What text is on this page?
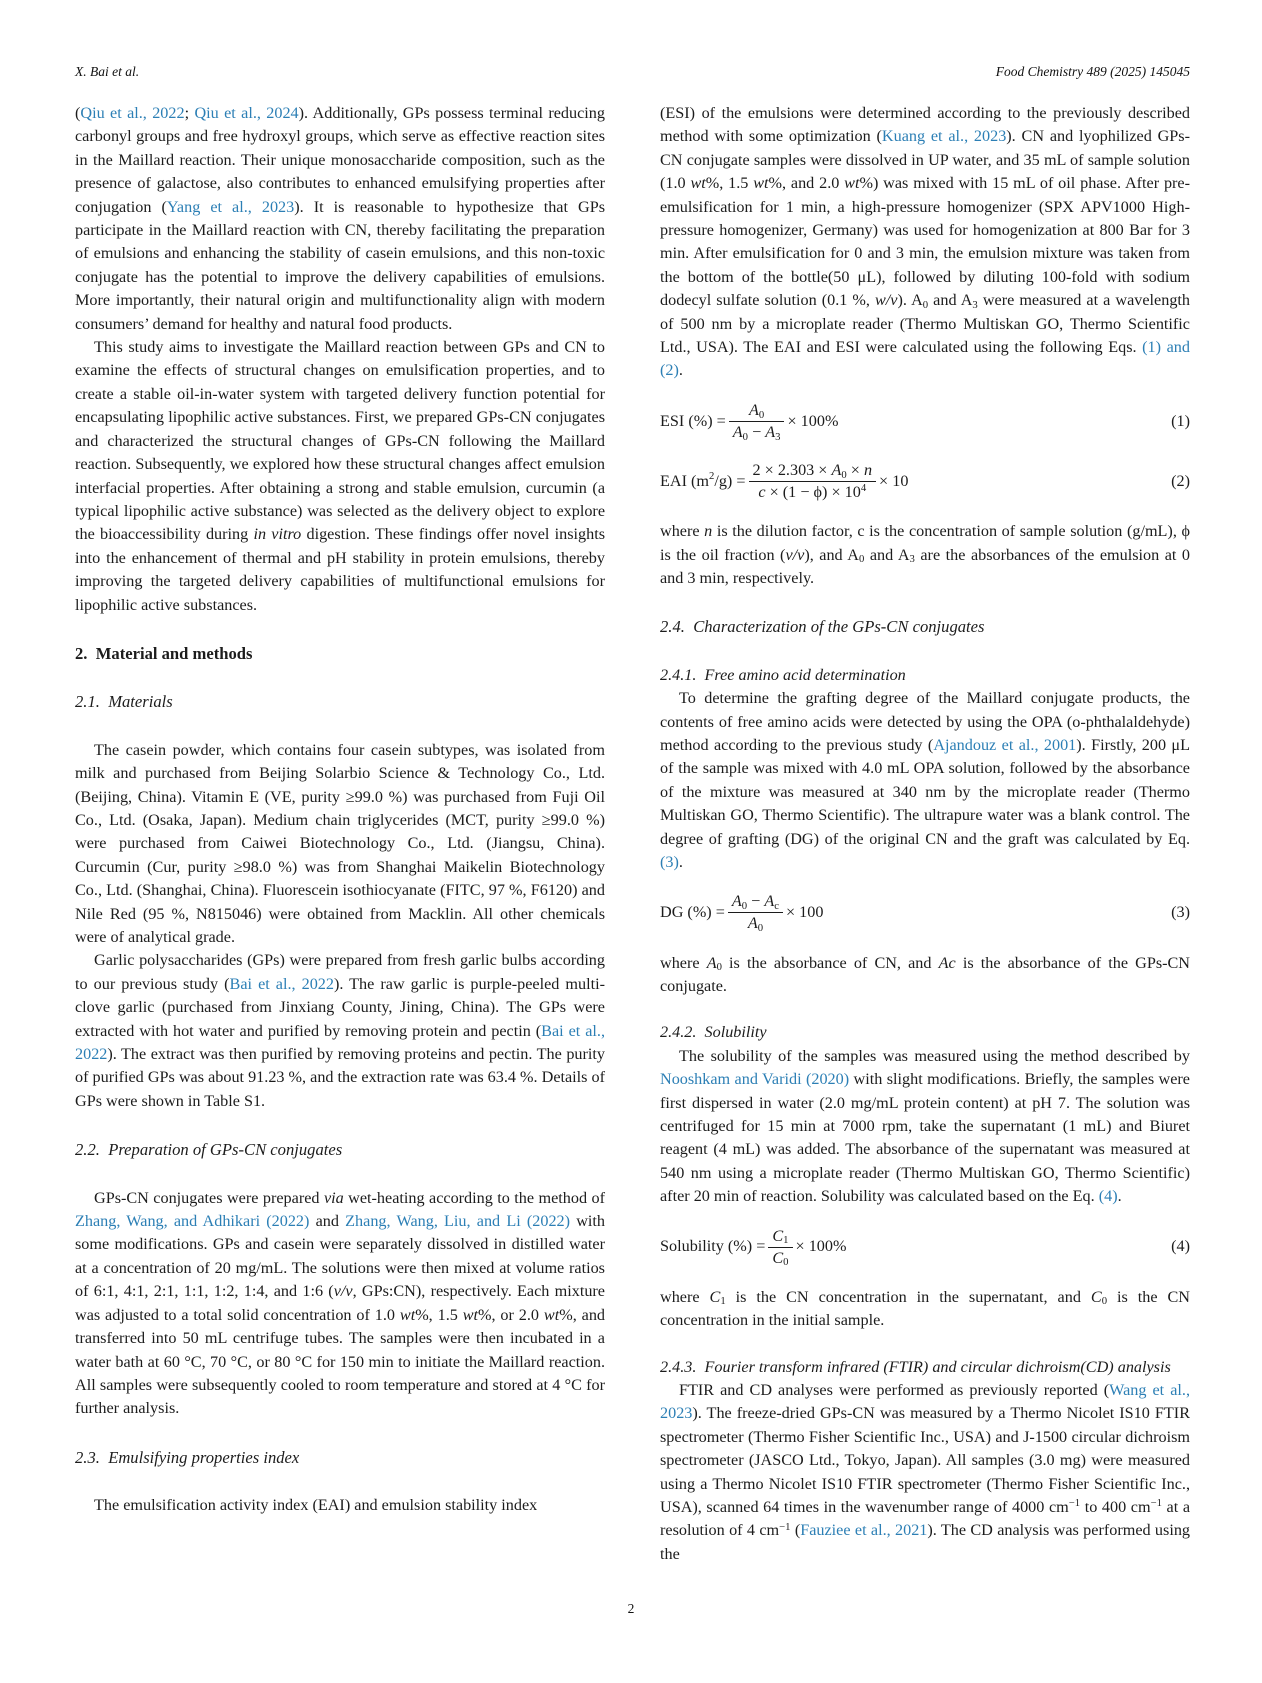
X. Bai et al.	Food Chemistry 489 (2025) 145045
(Qiu et al., 2022; Qiu et al., 2024). Additionally, GPs possess terminal reducing carbonyl groups and free hydroxyl groups, which serve as effective reaction sites in the Maillard reaction. Their unique monosaccharide composition, such as the presence of galactose, also contributes to enhanced emulsifying properties after conjugation (Yang et al., 2023). It is reasonable to hypothesize that GPs participate in the Maillard reaction with CN, thereby facilitating the preparation of emulsions and enhancing the stability of casein emulsions, and this non-toxic conjugate has the potential to improve the delivery capabilities of emulsions. More importantly, their natural origin and multifunctionality align with modern consumers’ demand for healthy and natural food products.
This study aims to investigate the Maillard reaction between GPs and CN to examine the effects of structural changes on emulsification properties, and to create a stable oil-in-water system with targeted delivery function potential for encapsulating lipophilic active substances. First, we prepared GPs-CN conjugates and characterized the structural changes of GPs-CN following the Maillard reaction. Subsequently, we explored how these structural changes affect emulsion interfacial properties. After obtaining a strong and stable emulsion, curcumin (a typical lipophilic active substance) was selected as the delivery object to explore the bioaccessibility during in vitro digestion. These findings offer novel insights into the enhancement of thermal and pH stability in protein emulsions, thereby improving the targeted delivery capabilities of multifunctional emulsions for lipophilic active substances.
2. Material and methods
2.1. Materials
The casein powder, which contains four casein subtypes, was isolated from milk and purchased from Beijing Solarbio Science & Technology Co., Ltd. (Beijing, China). Vitamin E (VE, purity ≥99.0 %) was purchased from Fuji Oil Co., Ltd. (Osaka, Japan). Medium chain triglycerides (MCT, purity ≥99.0 %) were purchased from Caiwei Biotechnology Co., Ltd. (Jiangsu, China). Curcumin (Cur, purity ≥98.0 %) was from Shanghai Maikelin Biotechnology Co., Ltd. (Shanghai, China). Fluorescein isothiocyanate (FITC, 97 %, F6120) and Nile Red (95 %, N815046) were obtained from Macklin. All other chemicals were of analytical grade.
Garlic polysaccharides (GPs) were prepared from fresh garlic bulbs according to our previous study (Bai et al., 2022). The raw garlic is purple-peeled multi-clove garlic (purchased from Jinxiang County, Jining, China). The GPs were extracted with hot water and purified by removing protein and pectin (Bai et al., 2022). The extract was then purified by removing proteins and pectin. The purity of purified GPs was about 91.23 %, and the extraction rate was 63.4 %. Details of GPs were shown in Table S1.
2.2. Preparation of GPs-CN conjugates
GPs-CN conjugates were prepared via wet-heating according to the method of Zhang, Wang, and Adhikari (2022) and Zhang, Wang, Liu, and Li (2022) with some modifications. GPs and casein were separately dissolved in distilled water at a concentration of 20 mg/mL. The solutions were then mixed at volume ratios of 6:1, 4:1, 2:1, 1:1, 1:2, 1:4, and 1:6 (v/v, GPs:CN), respectively. Each mixture was adjusted to a total solid concentration of 1.0 wt%, 1.5 wt%, or 2.0 wt%, and transferred into 50 mL centrifuge tubes. The samples were then incubated in a water bath at 60 °C, 70 °C, or 80 °C for 150 min to initiate the Maillard reaction. All samples were subsequently cooled to room temperature and stored at 4 °C for further analysis.
2.3. Emulsifying properties index
The emulsification activity index (EAI) and emulsion stability index
(ESI) of the emulsions were determined according to the previously described method with some optimization (Kuang et al., 2023). CN and lyophilized GPs-CN conjugate samples were dissolved in UP water, and 35 mL of sample solution (1.0 wt%, 1.5 wt%, and 2.0 wt%) was mixed with 15 mL of oil phase. After pre-emulsification for 1 min, a high-pressure homogenizer (SPX APV1000 High-pressure homogenizer, Germany) was used for homogenization at 800 Bar for 3 min. After emulsification for 0 and 3 min, the emulsion mixture was taken from the bottom of the bottle(50 μL), followed by diluting 100-fold with sodium dodecyl sulfate solution (0.1 %, w/v). $A_0$ and $A_3$ were measured at a wavelength of 500 nm by a microplate reader (Thermo Multiskan GO, Thermo Scientific Ltd., USA). The EAI and ESI were calculated using the following Eqs. (1) and (2).
ESI (%) = $\frac{A_0}{A_0 - A_3} \times 100\%$	(1)
EAI ($m^2$ $/g) = \frac{2 \times 2.303 \times A_0 \times n}{c \times (1 - \phi) \times 10^4} \times 10$	(2)
where n is the dilution factor, c is the concentration of sample solution (g/mL), ϕ is the oil fraction (v/v), and $A_0$ and $A_3$ are the absorbances of the emulsion at 0 and 3 min, respectively.
2.4. Characterization of the GPs-CN conjugates
2.4.1. Free amino acid determination
To determine the grafting degree of the Maillard conjugate products, the contents of free amino acids were detected by using the OPA (o-phthalaldehyde) method according to the previous study (Ajandouz et al., 2001). Firstly, 200 μL of the sample was mixed with 4.0 mL OPA solution, followed by the absorbance of the mixture was measured at 340 nm by the microplate reader (Thermo Multiskan GO, Thermo Scientific). The ultrapure water was a blank control. The degree of grafting (DG) of the original CN and the graft was calculated by Eq. (3).
DG (%) = $\frac{A_0 - A_c}{A_0} \times 100$	(3)
where $A_0$ is the absorbance of CN, and Ac is the absorbance of the GPs-CN conjugate.
2.4.2. Solubility
The solubility of the samples was measured using the method described by Nooshkam and Varidi (2020) with slight modifications. Briefly, the samples were first dispersed in water (2.0 mg/mL protein content) at pH 7. The solution was centrifuged for 15 min at 7000 rpm, take the supernatant (1 mL) and Biuret reagent (4 mL) was added. The absorbance of the supernatant was measured at 540 nm using a microplate reader (Thermo Multiskan GO, Thermo Scientific) after 20 min of reaction. Solubility was calculated based on the Eq. (4).
Solubility (%) = $\frac{C_1}{C_0} \times 100\%$	(4)
where $C_1$ is the CN concentration in the supernatant, and $C_0$ is the CN concentration in the initial sample.
2.4.3. Fourier transform infrared (FTIR) and circular dichroism(CD) analysis
FTIR and CD analyses were performed as previously reported (Wang et al., 2023). The freeze-dried GPs-CN was measured by a Thermo Nicolet IS10 FTIR spectrometer (Thermo Fisher Scientific Inc., USA) and J-1500 circular dichroism spectrometer (JASCO Ltd., Tokyo, Japan). All samples (3.0 mg) were measured using a Thermo Nicolet IS10 FTIR spectrometer (Thermo Fisher Scientific Inc., USA), scanned 64 times in the wavenumber range of 4000 $cm^{-1}$ to 400 $cm^{-1}$ at a resolution of 4 $cm^{-1}$ (Fauziee et al., 2021). The CD analysis was performed using the
2
